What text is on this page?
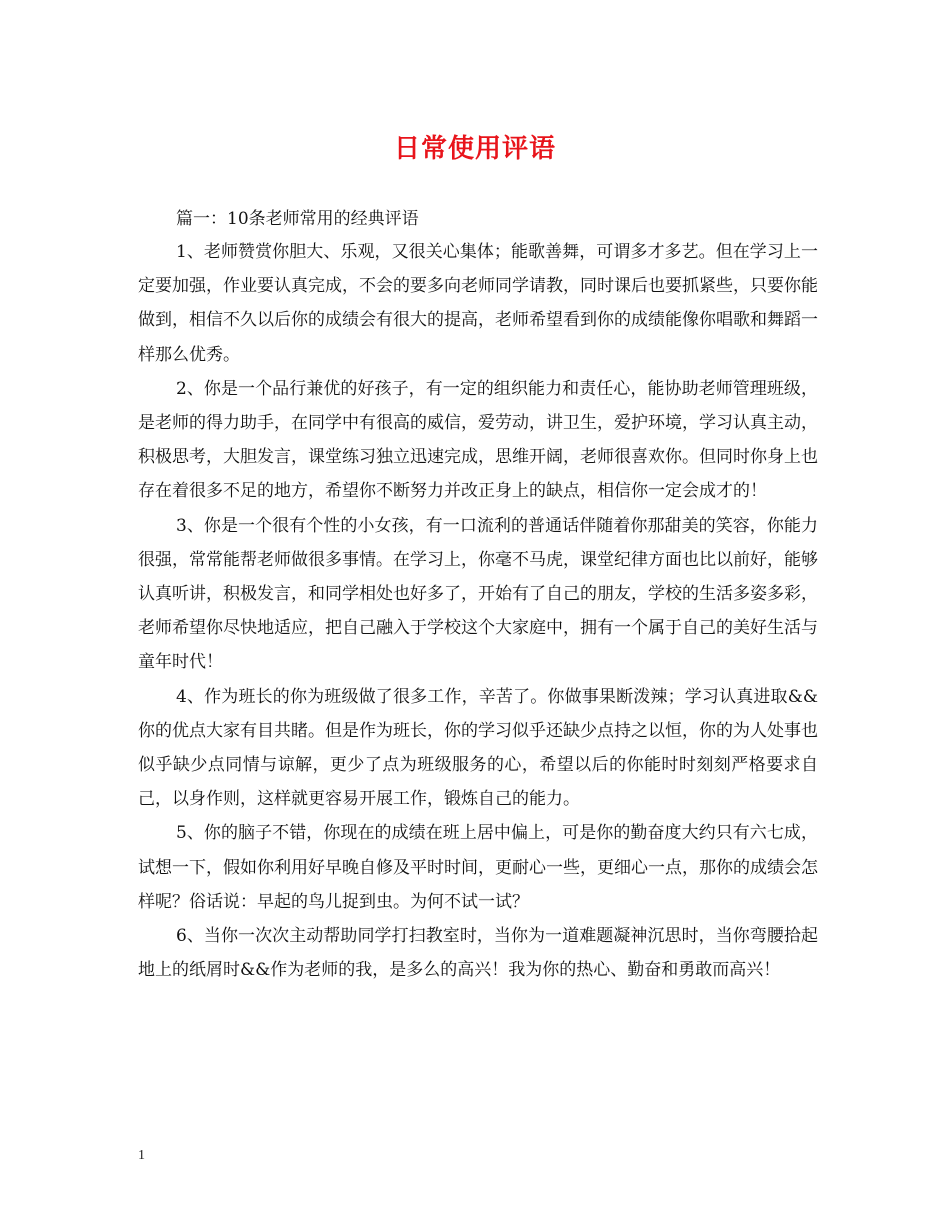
日常使用评语

篇一：10条老师常用的经典评语

1、老师赞赏你胆大、乐观，又很关心集体；能歌善舞，可谓多才多艺。但在学习上一定要加强，作业要认真完成，不会的要多向老师同学请教，同时课后也要抓紧些，只要你能做到，相信不久以后你的成绩会有很大的提高，老师希望看到你的成绩能像你唱歌和舞蹈一样那么优秀。

2、你是一个品行兼优的好孩子，有一定的组织能力和责任心，能协助老师管理班级，是老师的得力助手，在同学中有很高的威信，爱劳动，讲卫生，爱护环境，学习认真主动，积极思考，大胆发言，课堂练习独立迅速完成，思维开阔，老师很喜欢你。但同时你身上也存在着很多不足的地方，希望你不断努力并改正身上的缺点，相信你一定会成才的！

3、你是一个很有个性的小女孩，有一口流利的普通话伴随着你那甜美的笑容，你能力很强，常常能帮老师做很多事情。在学习上，你毫不马虎，课堂纪律方面也比以前好，能够认真听讲，积极发言，和同学相处也好多了，开始有了自己的朋友，学校的生活多姿多彩，老师希望你尽快地适应，把自己融入于学校这个大家庭中，拥有一个属于自己的美好生活与童年时代！

4、作为班长的你为班级做了很多工作，辛苦了。你做事果断泼辣；学习认真进取&&你的优点大家有目共睹。但是作为班长，你的学习似乎还缺少点持之以恒，你的为人处事也似乎缺少点同情与谅解，更少了点为班级服务的心，希望以后的你能时时刻刻严格要求自己，以身作则，这样就更容易开展工作，锻炼自己的能力。

5、你的脑子不错，你现在的成绩在班上居中偏上，可是你的勤奋度大约只有六七成，试想一下，假如你利用好早晚自修及平时时间，更耐心一些，更细心一点，那你的成绩会怎样呢？俗话说：早起的鸟儿捉到虫。为何不试一试？

6、当你一次次主动帮助同学打扫教室时，当你为一道难题凝神沉思时，当你弯腰拾起地上的纸屑时&&作为老师的我，是多么的高兴！我为你的热心、勤奋和勇敢而高兴！

1
